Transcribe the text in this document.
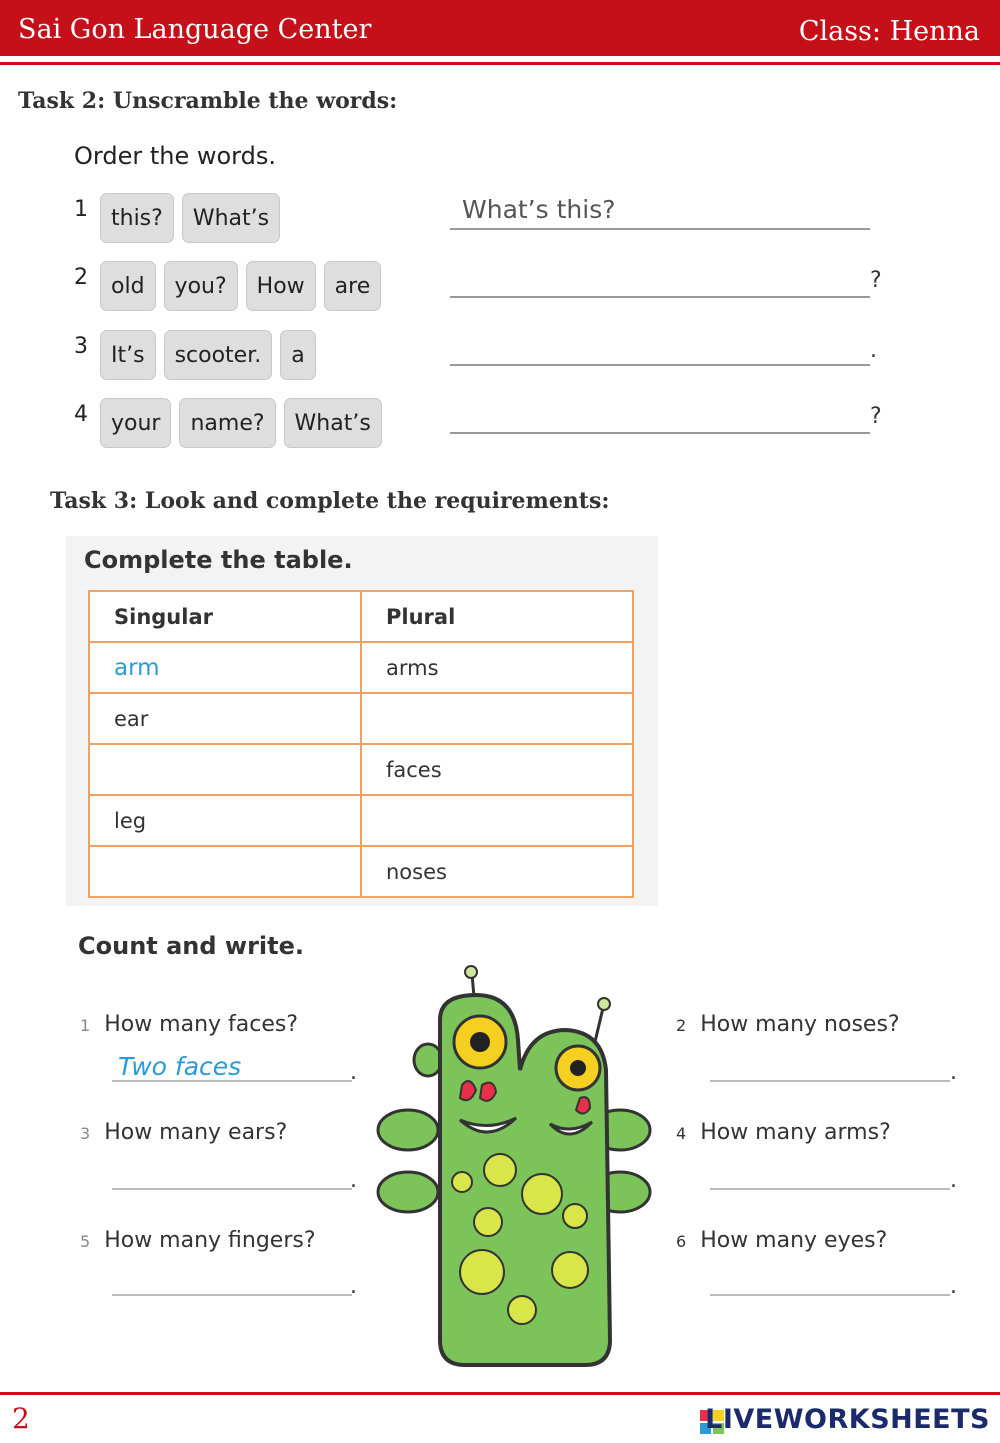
Sai Gon Language Center	Class: Henna
Task 2: Unscramble the words:
Order the words.
1	this?	What’s	What’s this?
2	old	you?	How	are	?
3	It’s	scooter.	a	.
4	your	name?	What’s	?
Task 3: Look and complete the requirements:
Complete the table.
Singular	Plural
arm	arms
ear	
	faces
leg	
	noses
Count and write.
1 How many faces?
Two faces	.
3 How many ears?
.
5 How many fingers?
.
2 How many noses?
.
4 How many arms?
.
6 How many eyes?
.
2	LIVEWORKSHEETS
